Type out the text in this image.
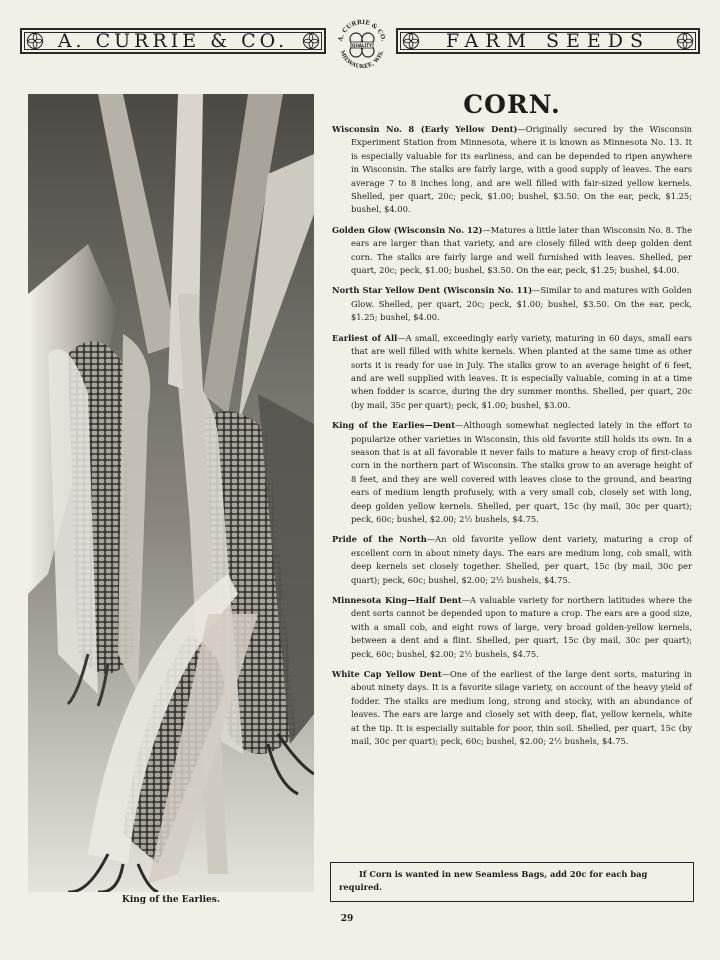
A. CURRIE & CO.	A. CURRIE & CO.
MILWAUKEE, WIS.
QUALITY	FARM SEEDS
King of the Earlies.
CORN.

Wisconsin No. 8 (Early Yellow Dent)—Originally secured by the Wisconsin Experiment Station from Minnesota, where it is known as Minnesota No. 13. It is especially valuable for its earliness, and can be depended to ripen anywhere in Wisconsin. The stalks are fairly large, with a good supply of leaves. The ears average 7 to 8 inches long, and are well filled with fair-sized yellow kernels. Shelled, per quart, 20c; peck, $1.00; bushel, $3.50. On the ear, peck, $1.25; bushel, $4.00.

Golden Glow (Wisconsin No. 12)—Matures a little later than Wisconsin No. 8. The ears are larger than that variety, and are closely filled with deep golden dent corn. The stalks are fairly large and well furnished with leaves. Shelled, per quart, 20c; peck, $1.00; bushel, $3.50. On the ear, peck, $1.25; bushel, $4.00.

North Star Yellow Dent (Wisconsin No. 11)—Similar to and matures with Golden Glow. Shelled, per quart, 20c; peck, $1.00; bushel, $3.50. On the ear, peck, $1.25; bushel, $4.00.

Earliest of All—A small, exceedingly early variety, maturing in 60 days, small ears that are well filled with white kernels. When planted at the same time as other sorts it is ready for use in July. The stalks grow to an average height of 6 feet, and are well supplied with leaves. It is especially valuable, coming in at a time when fodder is scarce, during the dry summer months. Shelled, per quart, 20c (by mail, 35c per quart); peck, $1.00; bushel, $3.00.

King of the Earlies—Dent—Although somewhat neglected lately in the effort to popularize other varieties in Wisconsin, this old favorite still holds its own. In a season that is at all favorable it never fails to mature a heavy crop of first-class corn in the northern part of Wisconsin. The stalks grow to an average height of 8 feet, and they are well covered with leaves close to the ground, and bearing ears of medium length profusely, with a very small cob, closely set with long, deep golden yellow kernels. Shelled, per quart, 15c (by mail, 30c per quart); peck, 60c; bushel, $2.00; 2½ bushels, $4.75.

Pride of the North—An old favorite yellow dent variety, maturing a crop of excellent corn in about ninety days. The ears are medium long, cob small, with deep kernels set closely together. Shelled, per quart, 15c (by mail, 30c per quart); peck, 60c; bushel, $2.00; 2½ bushels, $4.75.

Minnesota King—Half Dent—A valuable variety for northern latitudes where the dent sorts cannot be depended upon to mature a crop. The ears are a good size, with a small cob, and eight rows of large, very broad golden-yellow kernels, between a dent and a flint. Shelled, per quart, 15c (by mail, 30c per quart); peck, 60c; bushel, $2.00; 2½ bushels, $4.75.

White Cap Yellow Dent—One of the earliest of the large dent sorts, maturing in about ninety days. It is a favorite silage variety, on account of the heavy yield of fodder. The stalks are medium long, strong and stocky, with an abundance of leaves. The ears are large and closely set with deep, flat, yellow kernels, white at the tip. It is especially suitable for poor, thin soil. Shelled, per quart, 15c (by mail, 30c per quart); peck, 60c; bushel, $2.00; 2½ bushels, $4.75.

If Corn is wanted in new Seamless Bags, add 20c for each bag required.
29
